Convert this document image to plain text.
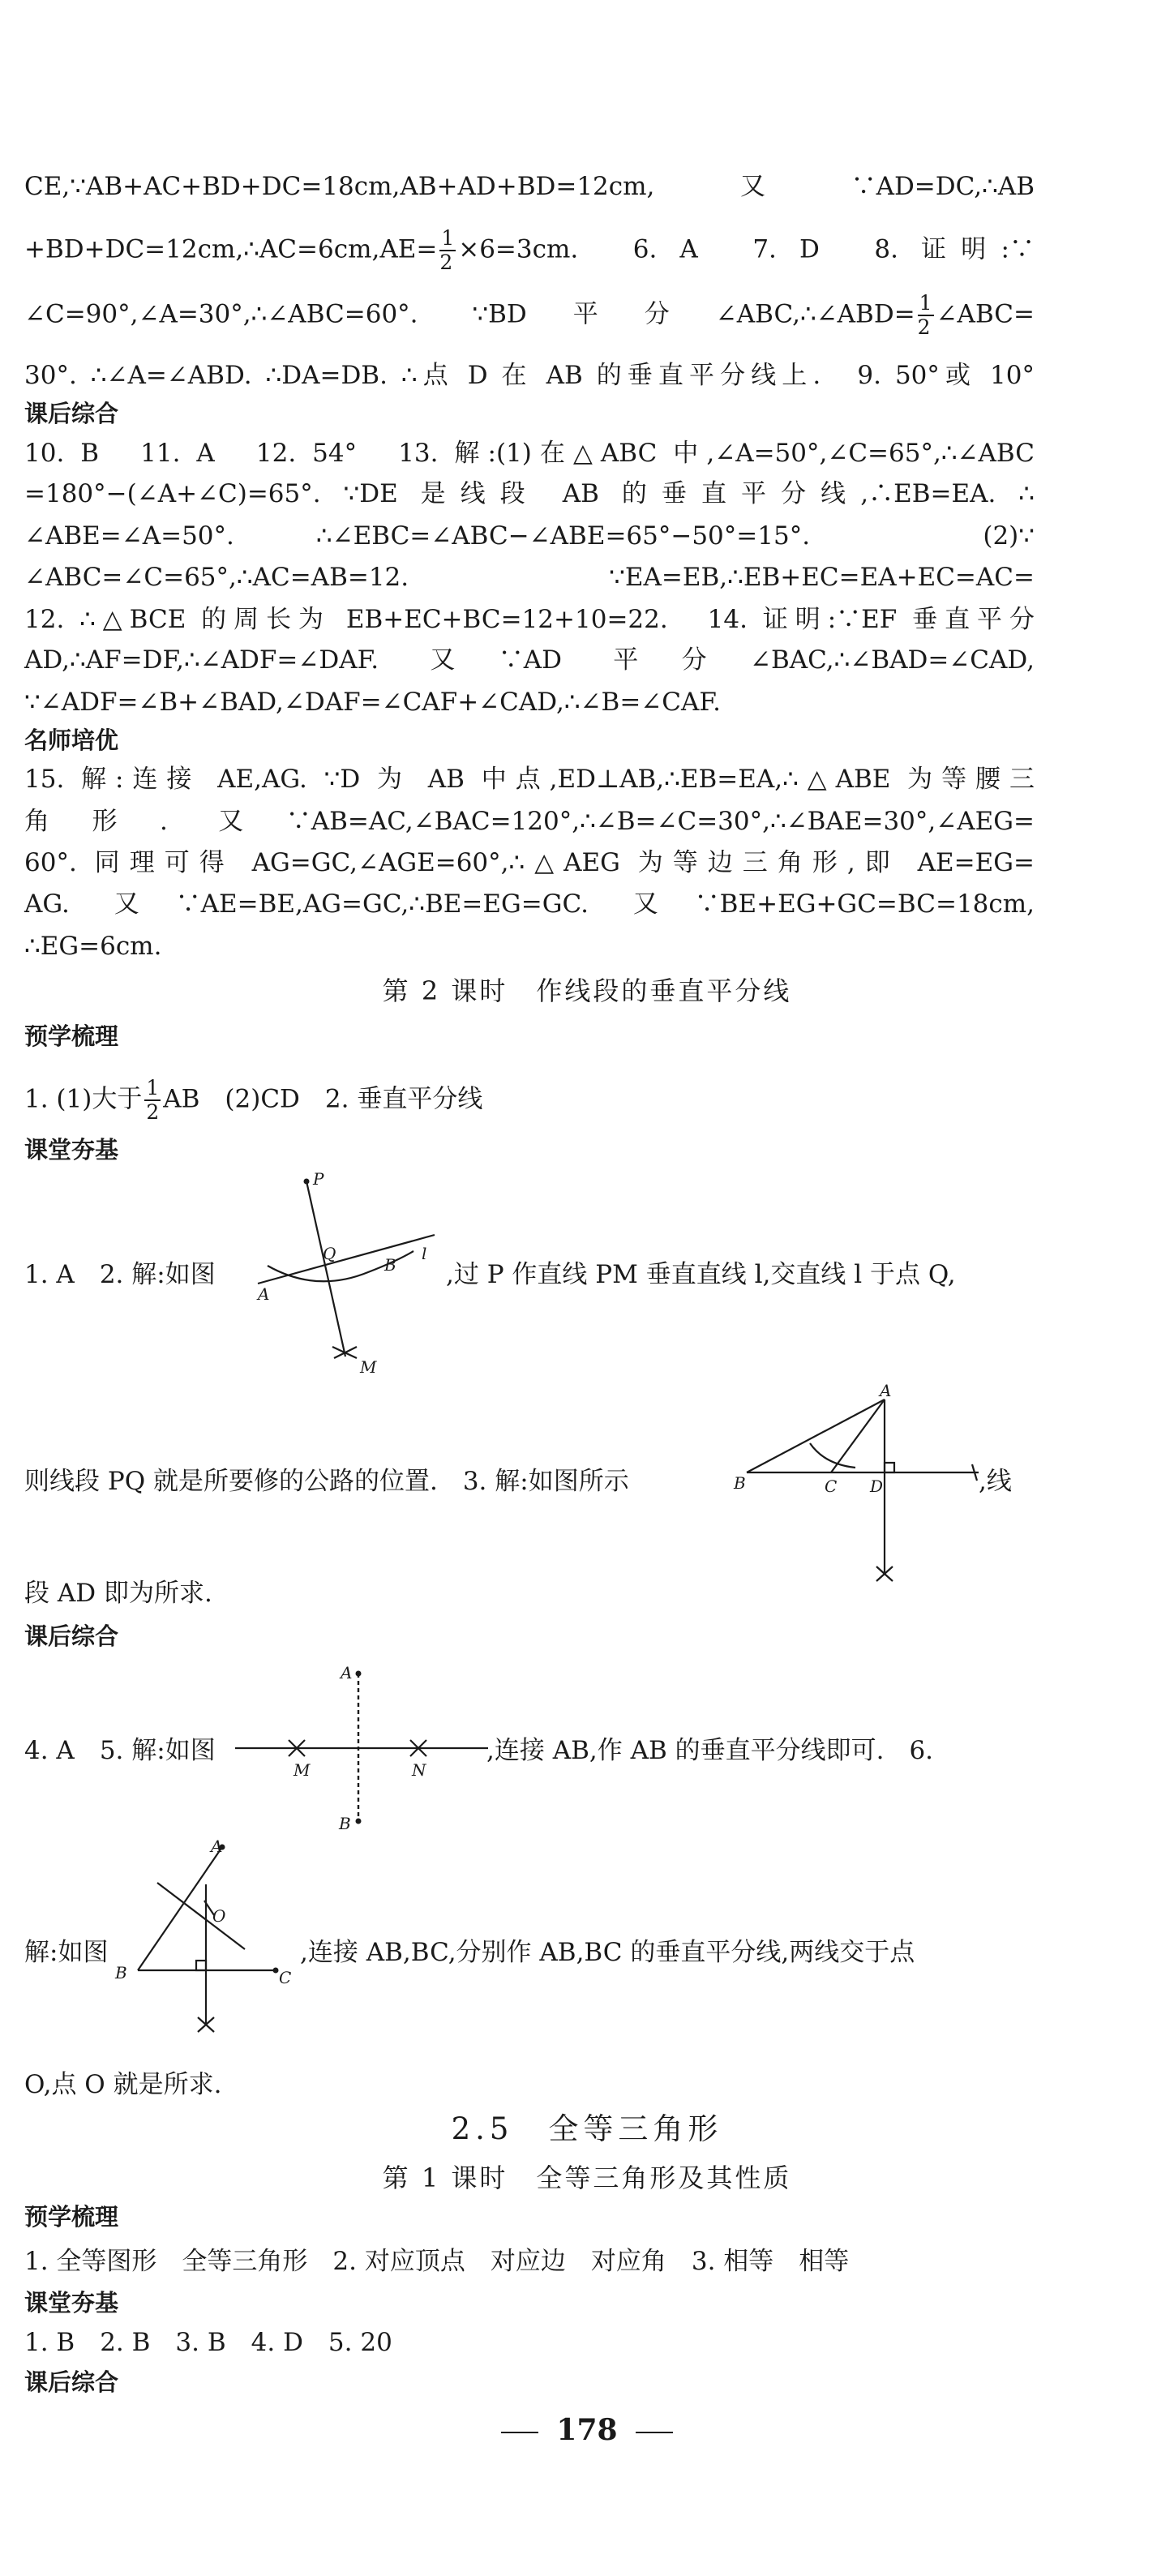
CE,∵AB+AC+BD+DC=18cm,AB+AD+BD=12cm,又∵AD=DC,∴AB
+BD+DC=12cm,∴AC=6cm,AE= $\frac{1}{2} \times 6=3cm$.　6. A　7. D　8. 证明:∵
∠C=90°,∠A=30°,∴∠ABC=60°. ∵BD平分∠ABC,∴∠ABD= $\frac{1}{2}$ ∠ABC=
30°. ∴∠A=∠ABD. ∴DA=DB. ∴点 D 在 AB 的垂直平分线上.　9. 50°或 10°
课后综合
10. B　11. A　12. 54°　13. 解:(1)在△ABC 中,∠A=50°,∠C=65°,∴∠ABC
=180°−(∠A+∠C)=65°. ∵DE 是线段 AB 的垂直平分线,∴EB=EA. ∴
∠ABE=∠A=50°. ∴∠EBC=∠ABC−∠ABE=65°−50°=15°.　(2)∵
∠ABC=∠C=65°,∴AC=AB=12. ∵EA=EB,∴EB+EC=EA+EC=AC=
12. ∴△BCE 的周长为 EB+EC+BC=12+10=22.　14. 证明:∵EF 垂直平分
AD,∴AF=DF,∴∠ADF=∠DAF. 又∵AD 平分∠BAC,∴∠BAD=∠CAD,
∵∠ADF=∠B+∠BAD,∠DAF=∠CAF+∠CAD,∴∠B=∠CAF.
名师培优
15. 解:连接 AE,AG. ∵D 为 AB 中点,ED⊥AB,∴EB=EA,∴△ABE 为等腰三
角形. 又∵AB=AC,∠BAC=120°,∴∠B=∠C=30°,∴∠BAE=30°,∠AEG=
60°. 同理可得 AG=GC,∠AGE=60°,∴△AEG 为等边三角形,即 AE=EG=
AG. 又∵AE=BE,AG=GC,∴BE=EG=GC. 又∵BE+EG+GC=BC=18cm,
∴EG=6cm.
第 2 课时　作线段的垂直平分线
预学梳理
1. (1)大于 $\frac{1}{2}$ AB　(2)CD　2. 垂直平分线
课堂夯基
1. A　2. 解:如图
P
Q
A
B
l
M
,过 P 作直线 PM 垂直直线 l,交直线 l 于点 Q,
则线段 PQ 就是所要修的公路的位置.　3. 解:如图所示
A
B	C D	,线
段 AD 即为所求.
课后综合
4. A　5. 解:如图
A
B
M	N
,连接 AB,作 AB 的垂直平分线即可.　6.
解:如图
A
B	C
O
,连接 AB,BC,分别作 AB,BC 的垂直平分线,两线交于点
O,点 O 就是所求.
2.5　全等三角形
第 1 课时　全等三角形及其性质
预学梳理
1. 全等图形　全等三角形　2. 对应顶点　对应边　对应角　3. 相等　相等
课堂夯基
1. B　2. B　3. B　4. D　5. 20
课后综合
178
